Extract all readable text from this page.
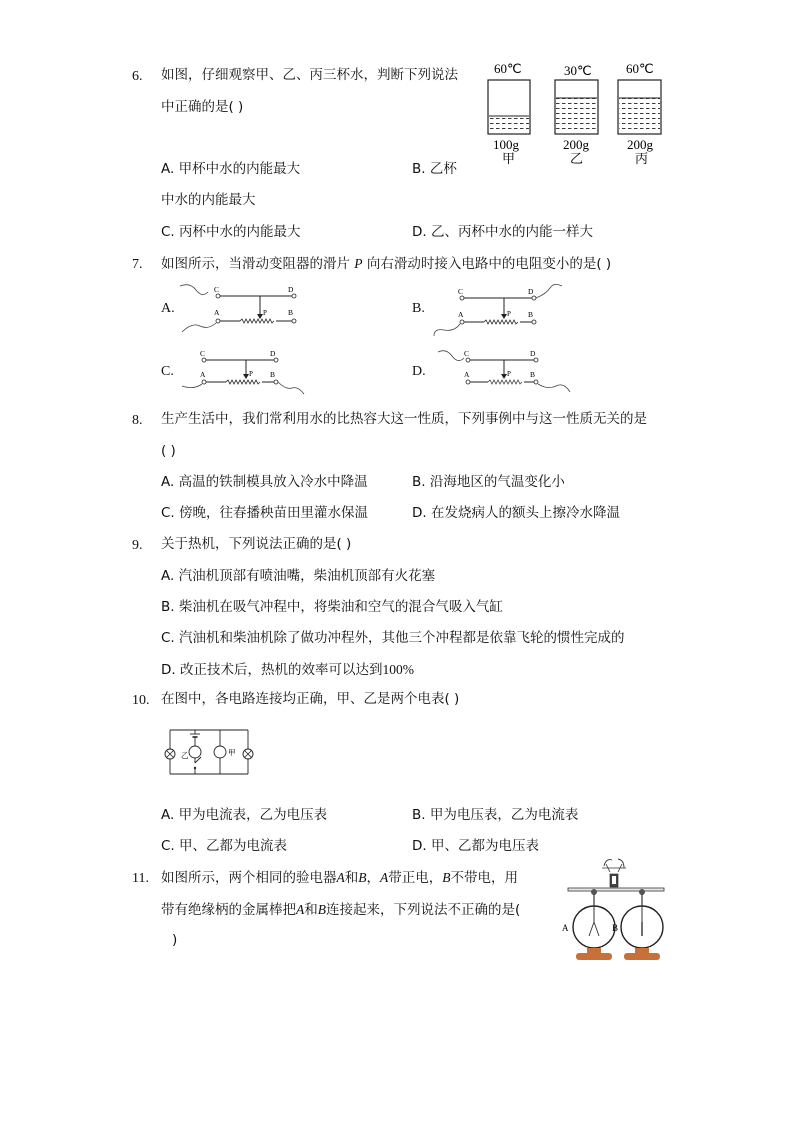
6. 如图，仔细观察甲、乙、丙三杯水，判断下列说法
中正确的是( )
60℃
100g
甲
30℃
200g
乙
60℃
200g
丙
A. 甲杯中水的内能最大	B. 乙杯
中水的内能最大
C. 丙杯中水的内能最大	D. 乙、丙杯中水的内能一样大
7. 如图所示，当滑动变阻器的滑片 P 向右滑动时接入电路中的电阻变小的是( )
A.	B.
C.	D.
C	D
P
A	B
C	D
P
A	B
C	D
P
A	B
C	D
P
A	B
8. 生产生活中，我们常利用水的比热容大这一性质，下列事例中与这一性质无关的是
( )
A. 高温的铁制模具放入冷水中降温	B. 沿海地区的气温变化小
C. 傍晚，往春播秧苗田里灌水保温	D. 在发烧病人的额头上擦冷水降温
9. 关于热机，下列说法正确的是( )
A. 汽油机顶部有喷油嘴，柴油机顶部有火花塞
B. 柴油机在吸气冲程中，将柴油和空气的混合气吸入气缸
C. 汽油机和柴油机除了做功冲程外，其他三个冲程都是依靠飞轮的惯性完成的
D. 改正技术后，热机的效率可以达到100%
10. 在图中，各电路连接均正确，甲、乙是两个电表( )
乙	甲
A. 甲为电流表，乙为电压表	B. 甲为电压表，乙为电流表
C. 甲、乙都为电流表	D. 甲、乙都为电压表
11. 如图所示，两个相同的验电器A和B，A带正电，B不带电，用
带有绝缘柄的金属棒把A和B连接起来，下列说法不正确的是(
)
A	B
